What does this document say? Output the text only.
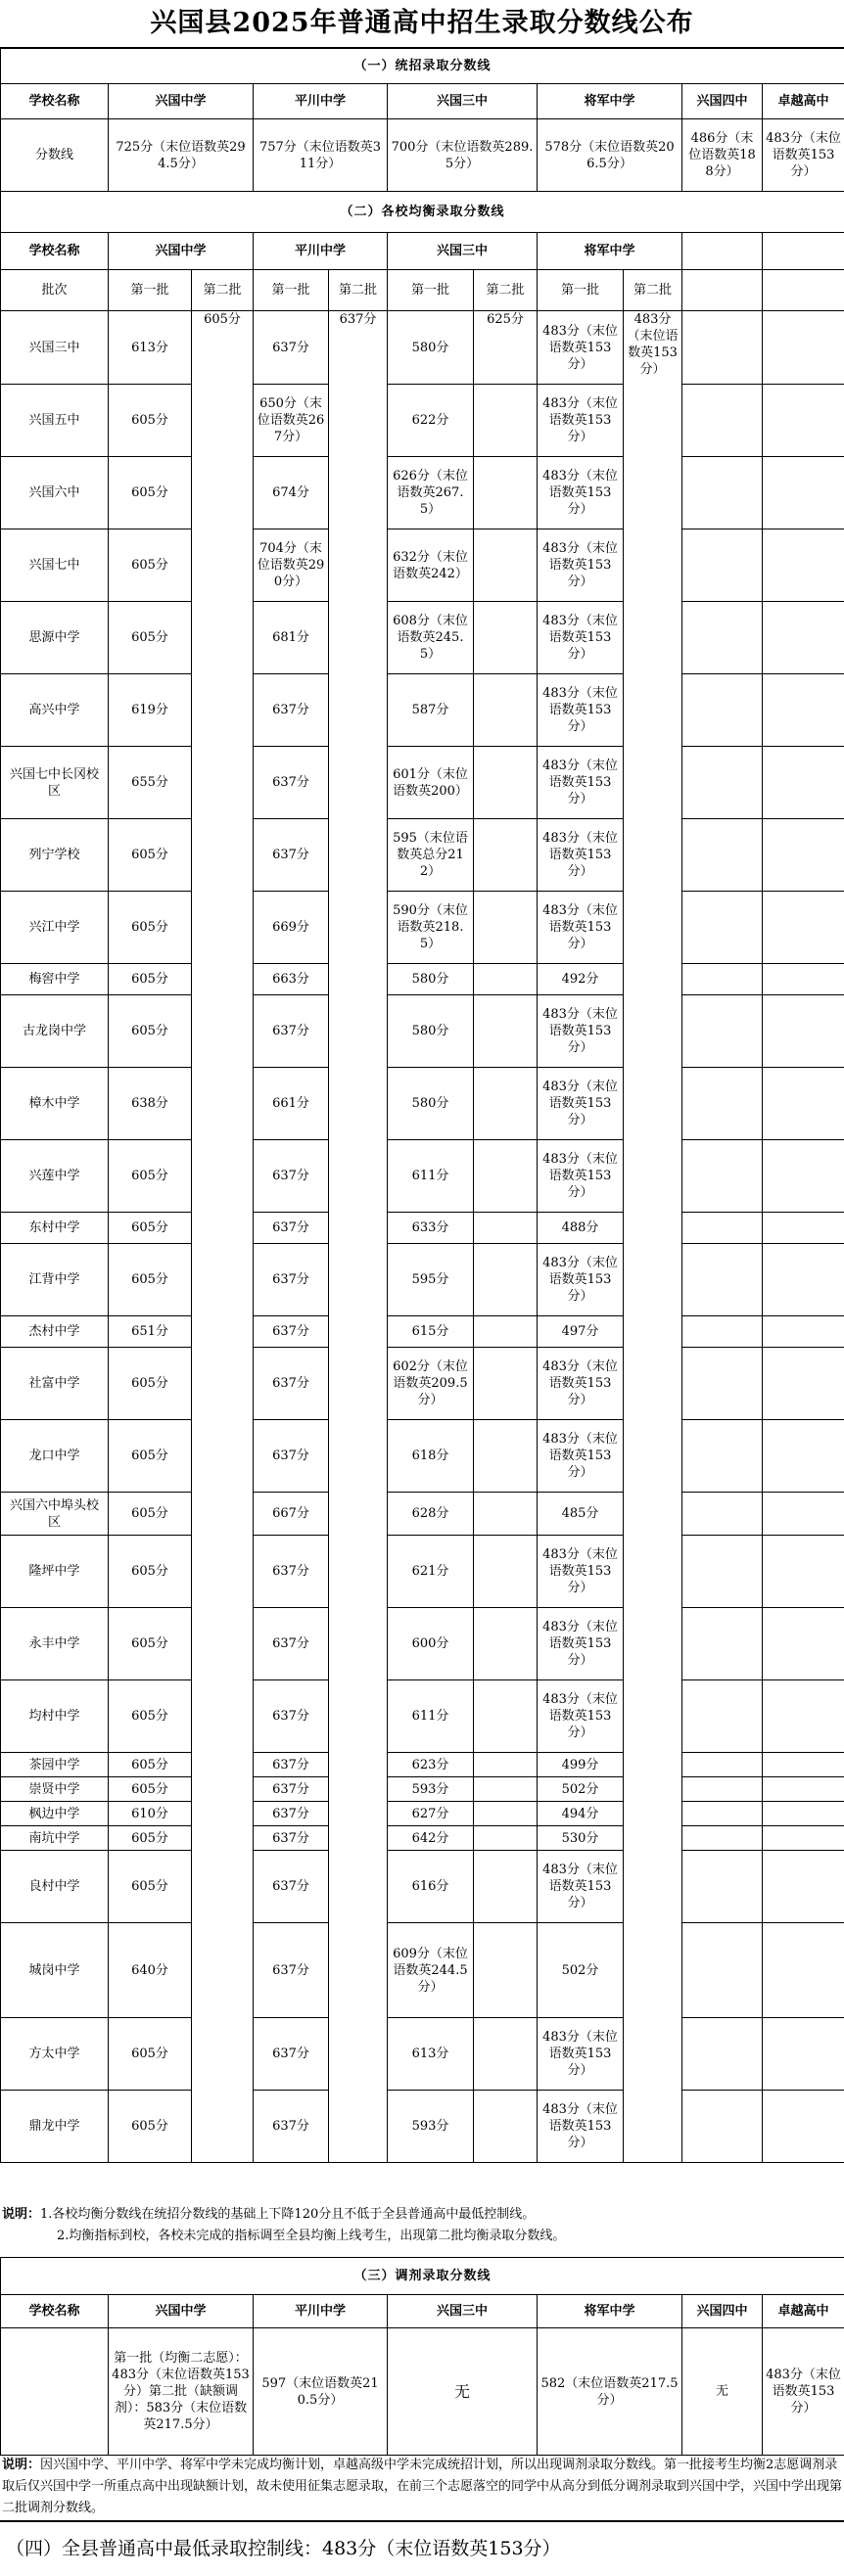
兴国县2025年普通高中招生录取分数线公布
（一）统招录取分数线						
学校名称	兴国中学	平川中学	兴国三中	将军中学	兴国四中	卓越高中
分数线	725分（末位语数英294.5分）	757分（末位语数英311分）	700分（末位语数英289.5分）	578分（末位语数英206.5分）	486分（末位语数英188分）	483分（末位语数英153分）
（二）各校均衡录取分数线										
学校名称	兴国中学		平川中学		兴国三中		将军中学			
批次	第一批	第二批	第一批	第二批	第一批	第二批	第一批	第二批		
兴国三中	613分	605分	637分	637分	580分	625分	483分（末位语数英153分）	483分（末位语数英153分）		
兴国五中	605分		650分（末位语数英267分）		622分		483分（末位语数英153分）			
兴国六中	605分		674分		626分（末位语数英267.5）		483分（末位语数英153分）			
兴国七中	605分		704分（末位语数英290分）		632分（末位语数英242）		483分（末位语数英153分）			
思源中学	605分		681分		608分（末位语数英245.5）		483分（末位语数英153分）			
高兴中学	619分		637分		587分		483分（末位语数英153分）			
兴国七中长冈校区	655分		637分		601分（末位语数英200）		483分（末位语数英153分）			
列宁学校	605分		637分		595（末位语数英总分212）		483分（末位语数英153分）			
兴江中学	605分		669分		590分（末位语数英218.5）		483分（末位语数英153分）			
梅窖中学	605分		663分		580分		492分			
古龙岗中学	605分		637分		580分		483分（末位语数英153分）			
樟木中学	638分		661分		580分		483分（末位语数英153分）			
兴莲中学	605分		637分		611分		483分（末位语数英153分）			
东村中学	605分		637分		633分		488分			
江背中学	605分		637分		595分		483分（末位语数英153分）			
杰村中学	651分		637分		615分		497分			
社富中学	605分		637分		602分（末位语数英209.5分）		483分（末位语数英153分）			
龙口中学	605分		637分		618分		483分（末位语数英153分）			
兴国六中埠头校区	605分		667分		628分		485分			
隆坪中学	605分		637分		621分		483分（末位语数英153分）			
永丰中学	605分		637分		600分		483分（末位语数英153分）			
均村中学	605分		637分		611分		483分（末位语数英153分）			
茶园中学	605分		637分		623分		499分			
崇贤中学	605分		637分		593分		502分			
枫边中学	610分		637分		627分		494分			
南坑中学	605分		637分		642分		530分			
良村中学	605分		637分		616分		483分（末位语数英153分）			
城岗中学	640分		637分		609分（末位语数英244.5分）		502分			
方太中学	605分		637分		613分		483分（末位语数英153分）			
鼎龙中学	605分		637分		593分		483分（末位语数英153分）			
说明：1.各校均衡分数线在统招分数线的基础上下降120分且不低于全县普通高中最低控制线。
2.均衡指标到校，各校未完成的指标调至全县均衡上线考生，出现第二批均衡录取分数线。
（三）调剂录取分数线						
学校名称	兴国中学	平川中学	兴国三中	将军中学	兴国四中	卓越高中
	第一批（均衡二志愿）：483分（末位语数英153分）第二批（缺额调剂）：583分（末位语数英217.5分）	597（末位语数英210.5分）	无	582（末位语数英217.5分）	无	483分（末位语数英153分）
说明：因兴国中学、平川中学、将军中学未完成均衡计划，卓越高级中学未完成统招计划，所以出现调剂录取分数线。第一批接考生均衡2志愿调剂录取后仅兴国中学一所重点高中出现缺额计划，故未使用征集志愿录取，在前三个志愿落空的同学中从高分到低分调剂录取到兴国中学，兴国中学出现第二批调剂分数线。
（四）全县普通高中最低录取控制线：483分（末位语数英153分）
